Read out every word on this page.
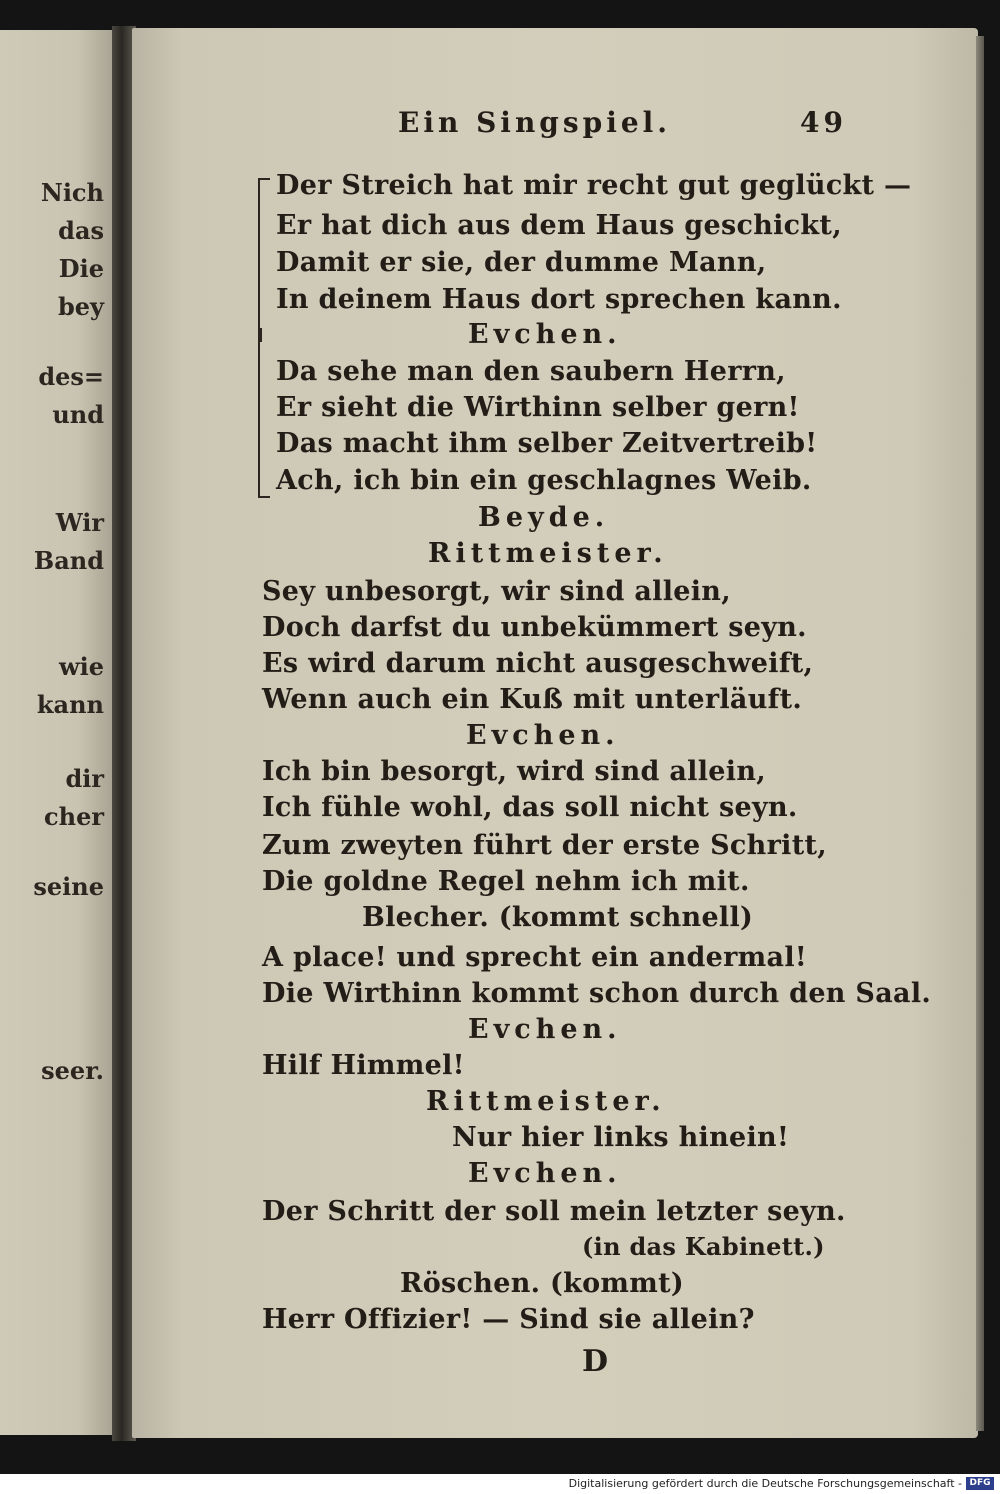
Nich
das
Die
bey
des=
und
Wir
Band
wie
kann
dir
cher
seine
seer.
Ein Singspiel.	49
Der Streich hat mir recht gut geglückt —
Er hat dich aus dem Haus geschickt,
Damit er sie, der dumme Mann,
In deinem Haus dort sprechen kann.
Evchen.
Da sehe man den saubern Herrn,
Er sieht die Wirthinn selber gern!
Das macht ihm selber Zeitvertreib!
Ach, ich bin ein geschlagnes Weib.
Beyde.
Rittmeister.
Sey unbesorgt, wir sind allein,
Doch darfst du unbekümmert seyn.
Es wird darum nicht ausgeschweift,
Wenn auch ein Kuß mit unterläuft.
Evchen.
Ich bin besorgt, wird sind allein,
Ich fühle wohl, das soll nicht seyn.
Zum zweyten führt der erste Schritt,
Die goldne Regel nehm ich mit.
Blecher. (kommt schnell)
A place! und sprecht ein andermal!
Die Wirthinn kommt schon durch den Saal.
Evchen.
Hilf Himmel!
Rittmeister.
Nur hier links hinein!
Evchen.
Der Schritt der soll mein letzter seyn.
(in das Kabinett.)
Röschen. (kommt)
Herr Offizier! — Sind sie allein?
D
Digitalisierung gefördert durch die Deutsche Forschungsgemeinschaft - DFG
